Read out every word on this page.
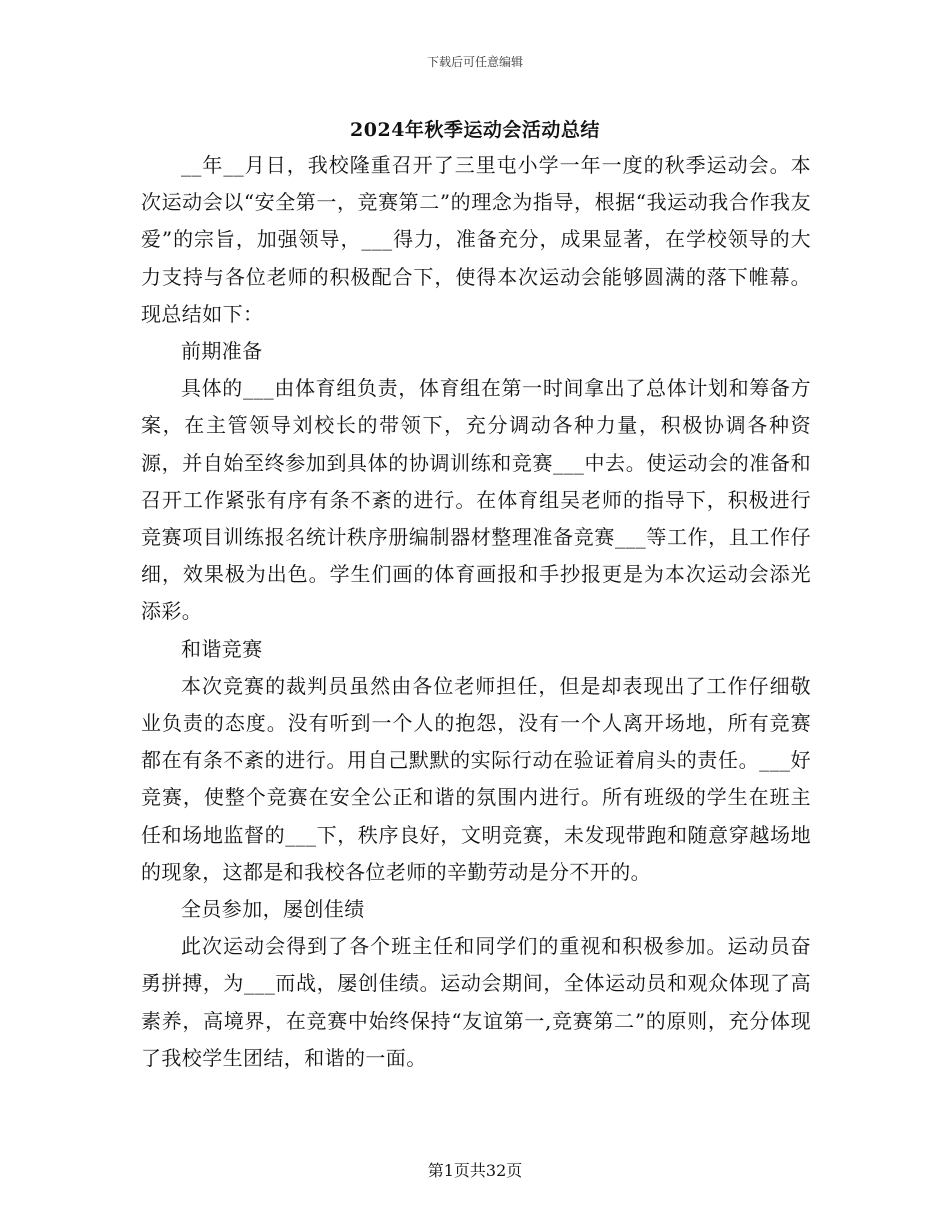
下载后可任意编辑
2024年秋季运动会活动总结

__年__月日，我校隆重召开了三里屯小学一年一度的秋季运动会。本次运动会以“安全第一，竞赛第二”的理念为指导，根据“我运动我合作我友爱”的宗旨，加强领导，___得力，准备充分，成果显著，在学校领导的大力支持与各位老师的积极配合下，使得本次运动会能够圆满的落下帷幕。现总结如下：

前期准备

具体的___由体育组负责，体育组在第一时间拿出了总体计划和筹备方案，在主管领导刘校长的带领下，充分调动各种力量，积极协调各种资源，并自始至终参加到具体的协调训练和竞赛___中去。使运动会的准备和召开工作紧张有序有条不紊的进行。在体育组吴老师的指导下，积极进行竞赛项目训练报名统计秩序册编制器材整理准备竞赛___等工作，且工作仔细，效果极为出色。学生们画的体育画报和手抄报更是为本次运动会添光添彩。

和谐竞赛

本次竞赛的裁判员虽然由各位老师担任，但是却表现出了工作仔细敬业负责的态度。没有听到一个人的抱怨，没有一个人离开场地，所有竞赛都在有条不紊的进行。用自己默默的实际行动在验证着肩头的责任。___好竞赛，使整个竞赛在安全公正和谐的氛围内进行。所有班级的学生在班主任和场地监督的___下，秩序良好，文明竞赛，未发现带跑和随意穿越场地的现象，这都是和我校各位老师的辛勤劳动是分不开的。

全员参加，屡创佳绩

此次运动会得到了各个班主任和同学们的重视和积极参加。运动员奋勇拼搏，为___而战，屡创佳绩。运动会期间，全体运动员和观众体现了高素养，高境界，在竞赛中始终保持“友谊第一,竞赛第二”的原则，充分体现了我校学生团结，和谐的一面。

第1页共32页
